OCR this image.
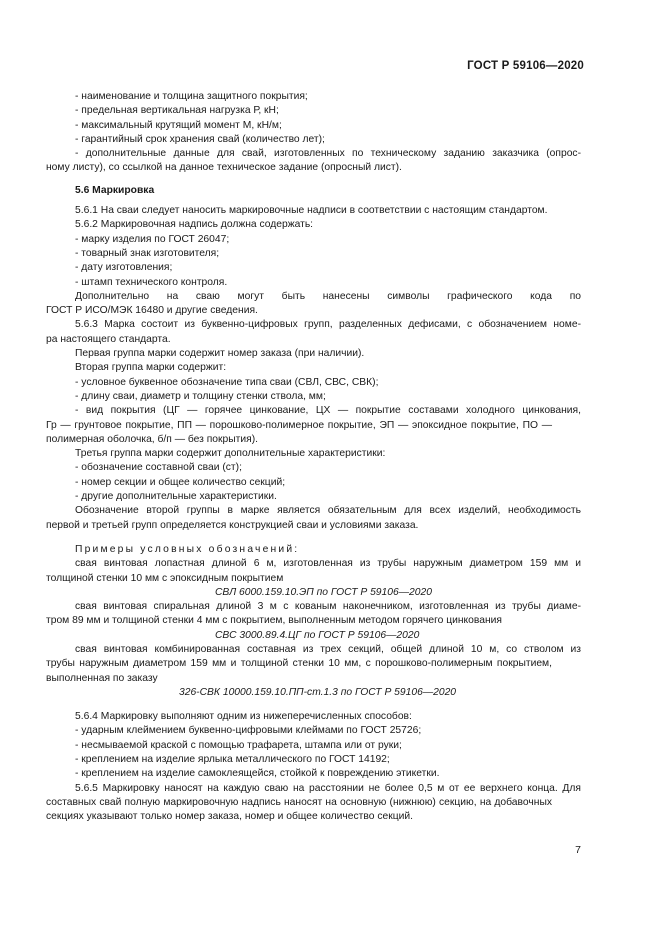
ГОСТ Р 59106—2020
- наименование и толщина защитного покрытия;
- предельная вертикальная нагрузка Р, кН;
- максимальный крутящий момент М, кН/м;
- гарантийный срок хранения свай (количество лет);
- дополнительные данные для свай, изготовленных по техническому заданию заказчика (опрос-
ному листу), со ссылкой на данное техническое задание (опросный лист).
5.6 Маркировка
5.6.1 На сваи следует наносить маркировочные надписи в соответствии с настоящим стандартом.
5.6.2 Маркировочная надпись должна содержать:
- марку изделия по ГОСТ 26047;
- товарный знак изготовителя;
- дату изготовления;
- штамп технического контроля.
Дополнительно на сваю могут быть нанесены символы графического кода по
ГОСТ Р ИСО/МЭК 16480 и другие сведения.
5.6.3 Марка состоит из буквенно-цифровых групп, разделенных дефисами, с обозначением номе-
ра настоящего стандарта.
Первая группа марки содержит номер заказа (при наличии).
Вторая группа марки содержит:
- условное буквенное обозначение типа сваи (СВЛ, СВС, СВК);
- длину сваи, диаметр и толщину стенки ствола, мм;
- вид покрытия (ЦГ — горячее цинкование, ЦХ — покрытие составами холодного цинкования,
Гр — грунтовое покрытие, ПП — порошково-полимерное покрытие, ЭП — эпоксидное покрытие, ПО —
полимерная оболочка, б/п — без покрытия).
Третья группа марки содержит дополнительные характеристики:
- обозначение составной сваи (ст);
- номер секции и общее количество секций;
- другие дополнительные характеристики.
Обозначение второй группы в марке является обязательным для всех изделий, необходимость
первой и третьей групп определяется конструкцией сваи и условиями заказа.
Примеры условных обозначений:
свая винтовая лопастная длиной 6 м, изготовленная из трубы наружным диаметром 159 мм и
толщиной стенки 10 мм с эпоксидным покрытием
СВЛ 6000.159.10.ЭП по ГОСТ Р 59106—2020
свая винтовая спиральная длиной 3 м с кованым наконечником, изготовленная из трубы диаме-
тром 89 мм и толщиной стенки 4 мм с покрытием, выполненным методом горячего цинкования
СВС 3000.89.4.ЦГ по ГОСТ Р 59106—2020
свая винтовая комбинированная составная из трех секций, общей длиной 10 м, со стволом из
трубы наружным диаметром 159 мм и толщиной стенки 10 мм, с порошково-полимерным покрытием,
выполненная по заказу
326-СВК 10000.159.10.ПП-ст.1.3 по ГОСТ Р 59106—2020
5.6.4 Маркировку выполняют одним из нижеперечисленных способов:
- ударным клеймением буквенно-цифровыми клеймами по ГОСТ 25726;
- несмываемой краской с помощью трафарета, штампа или от руки;
- креплением на изделие ярлыка металлического по ГОСТ 14192;
- креплением на изделие самоклеящейся, стойкой к повреждению этикетки.
5.6.5 Маркировку наносят на каждую сваю на расстоянии не более 0,5 м от ее верхнего конца. Для
составных свай полную маркировочную надпись наносят на основную (нижнюю) секцию, на добавочных
секциях указывают только номер заказа, номер и общее количество секций.
7
